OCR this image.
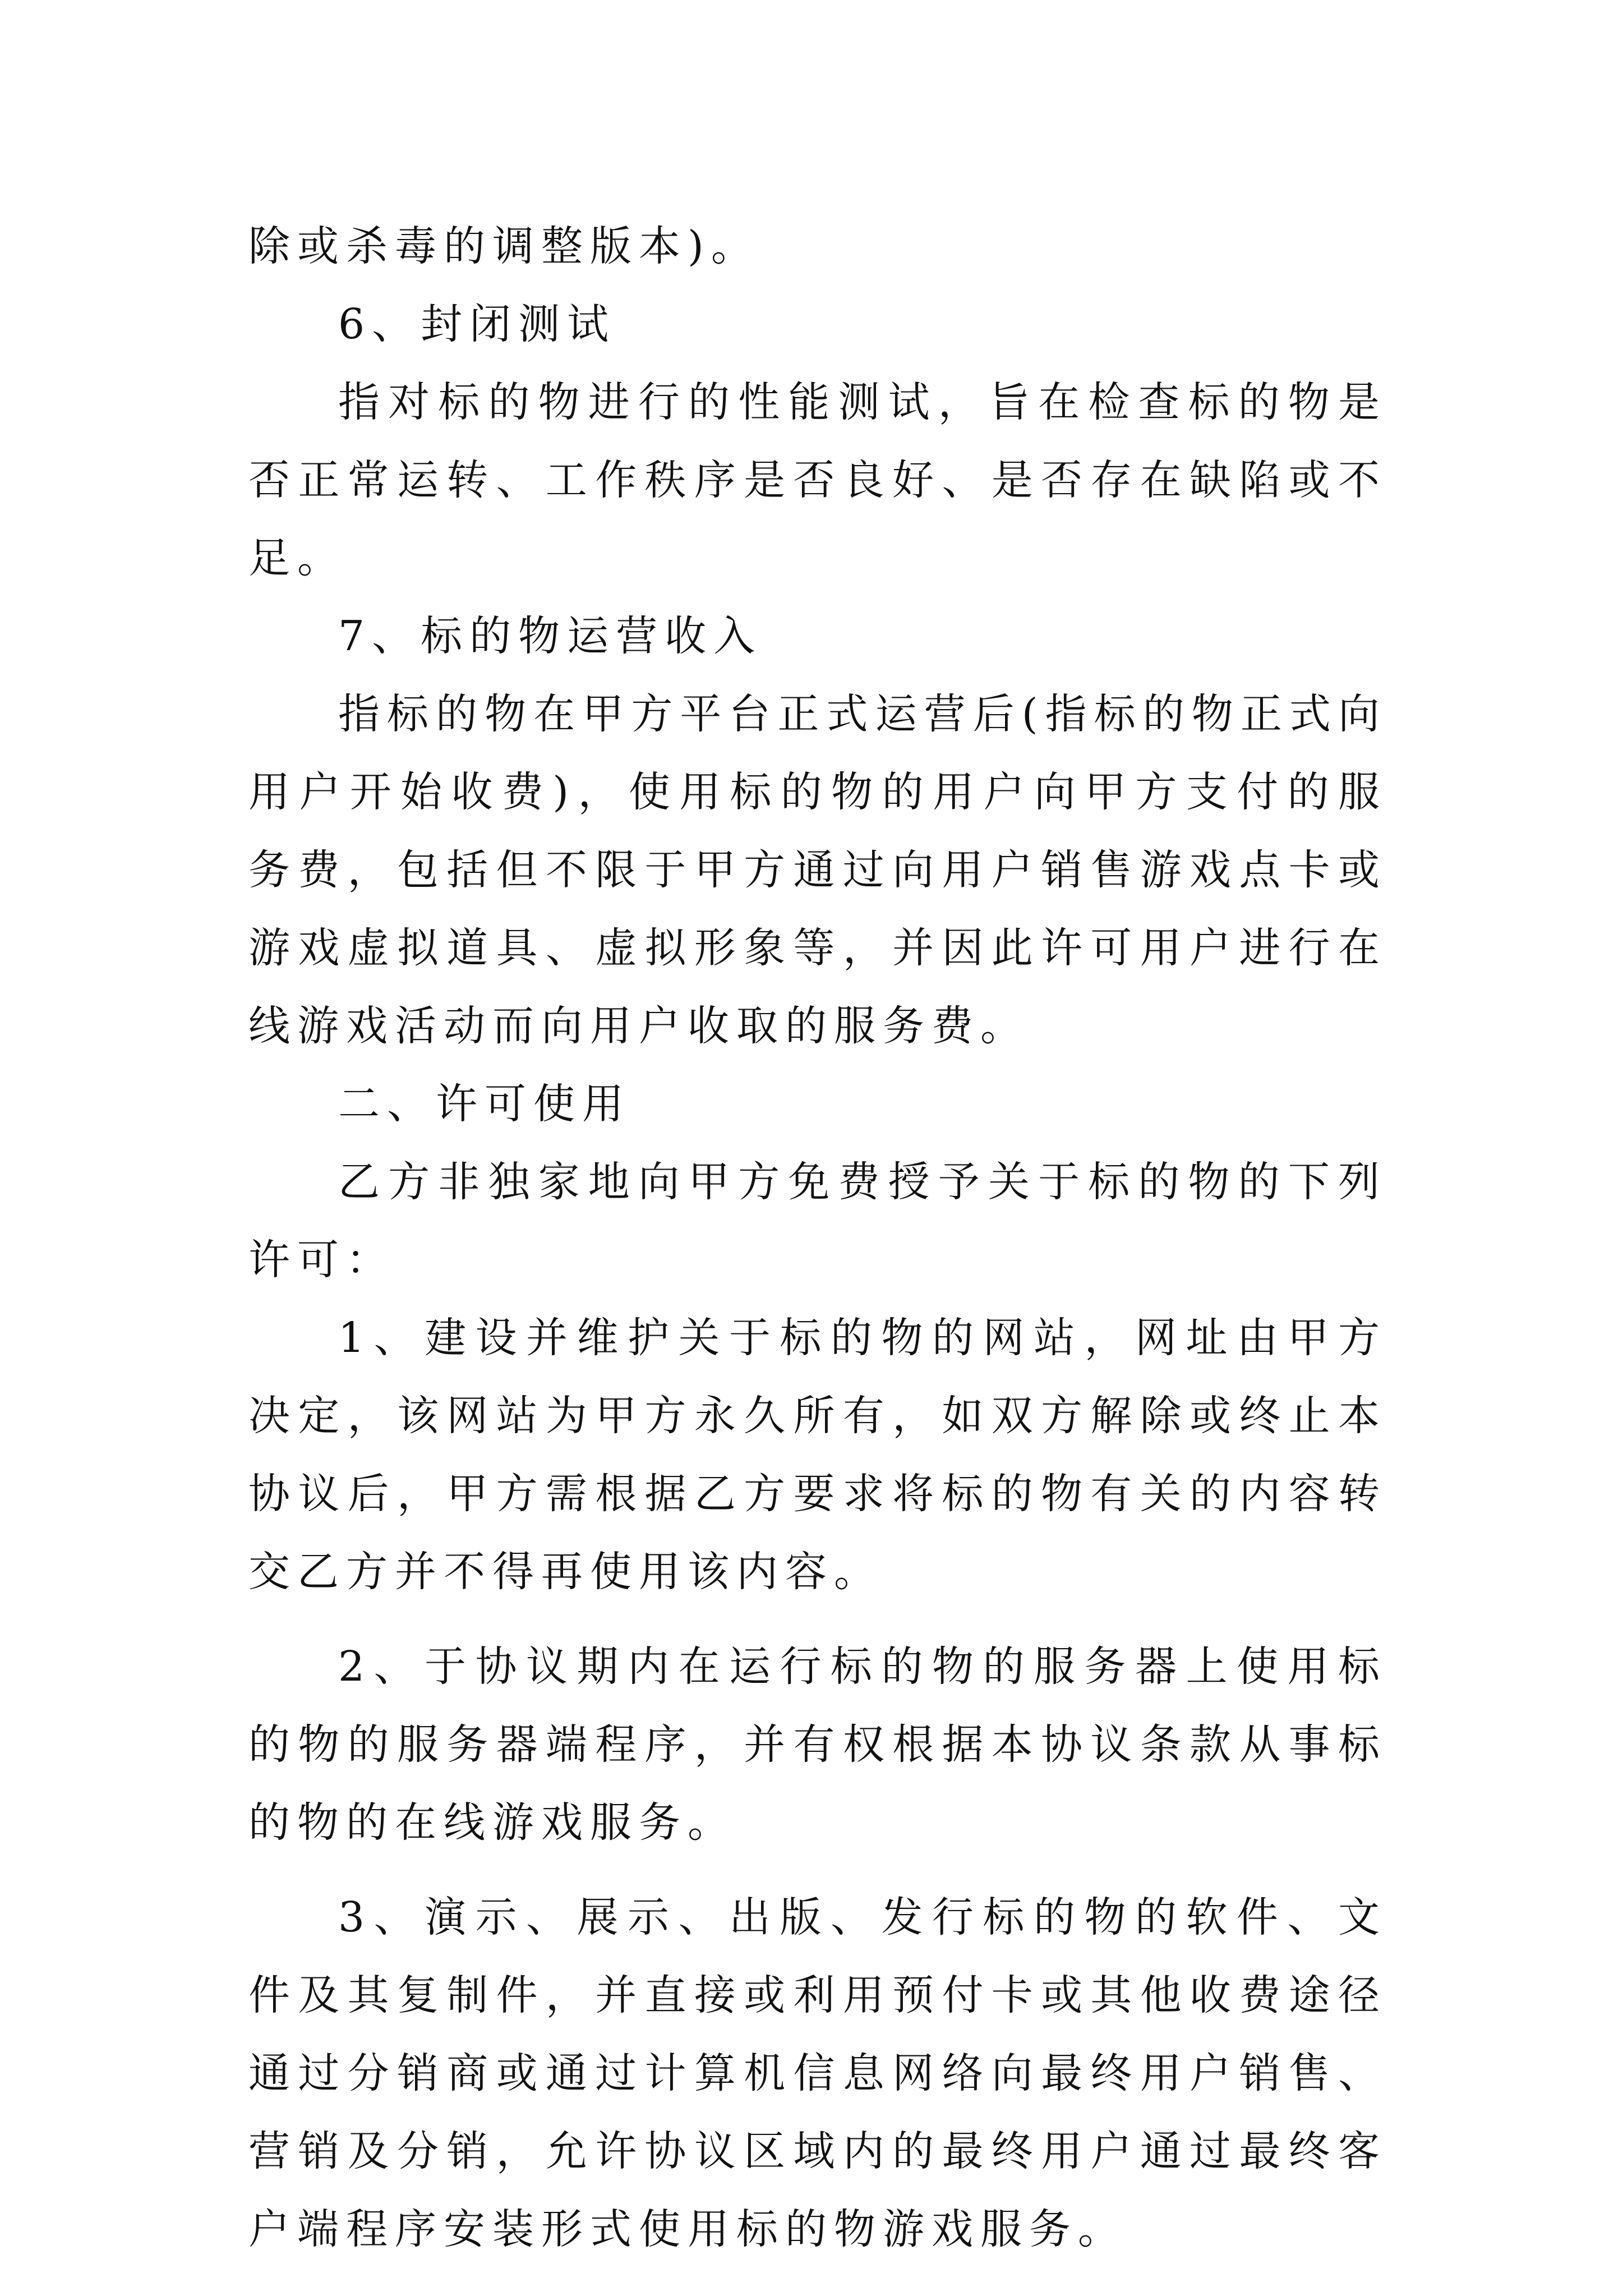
除或杀毒的调整版本)。

6、封闭测试

指对标的物进行的性能测试，旨在检查标的物是否正常运转、工作秩序是否良好、是否存在缺陷或不足。

7、标的物运营收入

指标的物在甲方平台正式运营后(指标的物正式向用户开始收费)，使用标的物的用户向甲方支付的服务费，包括但不限于甲方通过向用户销售游戏点卡或游戏虚拟道具、虚拟形象等，并因此许可用户进行在线游戏活动而向用户收取的服务费。

二、许可使用

乙方非独家地向甲方免费授予关于标的物的下列许可：

1、建设并维护关于标的物的网站，网址由甲方决定，该网站为甲方永久所有，如双方解除或终止本协议后，甲方需根据乙方要求将标的物有关的内容转交乙方并不得再使用该内容。

2、于协议期内在运行标的物的服务器上使用标的物的服务器端程序，并有权根据本协议条款从事标的物的在线游戏服务。

3、演示、展示、出版、发行标的物的软件、文件及其复制件，并直接或利用预付卡或其他收费途径通过分销商或通过计算机信息网络向最终用户销售、营销及分销，允许协议区域内的最终用户通过最终客户端程序安装形式使用标的物游戏服务。
